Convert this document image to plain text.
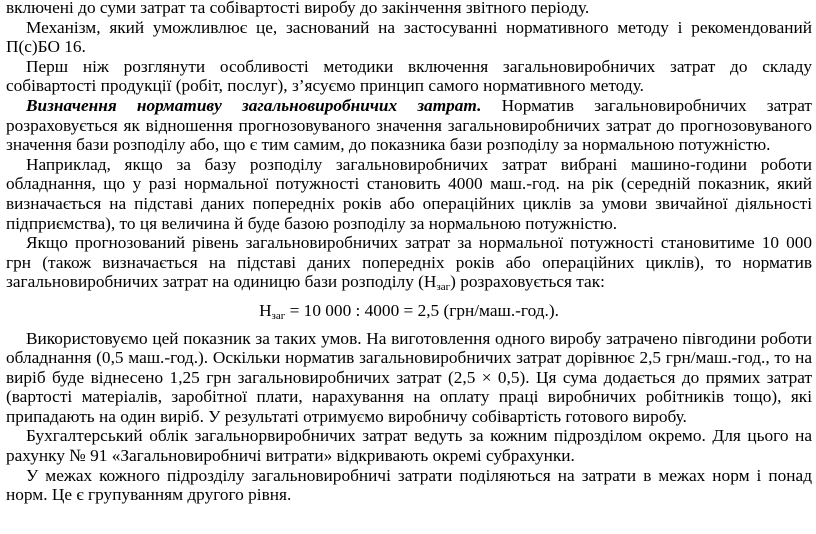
включені до суми затрат та собівартості виробу до закінчення звітного періоду.

Механізм, який уможливлює це, заснований на застосуванні нормативного методу і рекомендований П(с)БО 16.

Перш ніж розглянути особливості методики включення загальновиробничих затрат до складу собівартості продукції (робіт, послуг), з’ясуємо принцип самого нормативного методу.

Визначення нормативу загальновиробничих затрат. Норматив загальновиробничих затрат розраховується як відношення прогнозовуваного значення загальновиробничих затрат до прогнозовуваного значення бази розподілу або, що є тим самим, до показника бази розподілу за нормальною потужністю.

Наприклад, якщо за базу розподілу загальновиробничих затрат вибрані машино-години роботи обладнання, що у разі нормальної потужності становить 4000 маш.-год. на рік (середній показник, який визначається на підставі даних попередніх років або операційних циклів за умови звичайної діяльності підприємства), то ця величина й буде базою розподілу за нормальною потужністю.

Якщо прогнозований рівень загальновиробничих затрат за нормальної потужності становитиме 10 000 грн (також визначається на підставі даних попередніх років або операційних циклів), то норматив загальновиробничих затрат на одиницю бази розподілу $(Н_{заг})$ розраховується так:

$Н_{заг} = 10$ 000 : 4000 = 2,5 (грн/маш.-год.).

Використовуємо цей показник за таких умов. На виготовлення одного виробу затрачено півгодини роботи обладнання (0,5 маш.-год.). Оскільки норматив загальновиробничих затрат дорівнює 2,5 грн/маш.-год., то на виріб буде віднесено 1,25 грн загальновиробничих затрат (2,5 × 0,5). Ця сума додається до прямих затрат (вартості матеріалів, заробітної плати, нарахування на оплату праці виробничих робітників тощо), які припадають на один виріб. У результаті отримуємо виробничу собівартість готового виробу.

Бухгалтерський облік загальнорвиробничих затрат ведуть за кожним підрозділом окремо. Для цього на рахунку № 91 «Загальновиробничі витрати» відкривають окремі субрахунки.

У межах кожного підрозділу загальновиробничі затрати поділяються на затрати в межах норм і понад норм. Це є групуванням другого рівня.
